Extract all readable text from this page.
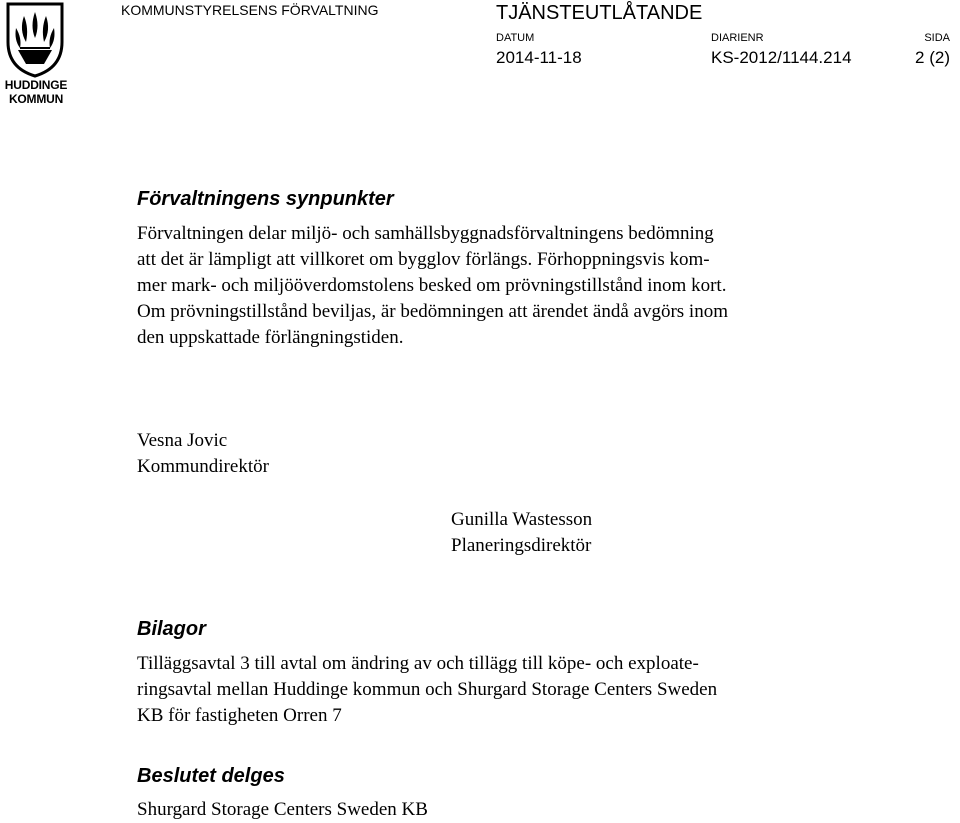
HUDDINGE
KOMMUN
KOMMUNSTYRELSENS FÖRVALTNING	TJÄNSTEUTLÅTANDE
DATUM	DIARIENR	SIDA
2014-11-18	KS-2012/1144.214	2 (2)
Förvaltningens synpunkter
Förvaltningen delar miljö- och samhällsbyggnadsförvaltningens bedömning
att det är lämpligt att villkoret om bygglov förlängs. Förhoppningsvis kom-
mer mark- och miljööverdomstolens besked om prövningstillstånd inom kort.
Om prövningstillstånd beviljas, är bedömningen att ärendet ändå avgörs inom
den uppskattade förlängningstiden.
Vesna Jovic
Kommundirektör
Gunilla Wastesson
Planeringsdirektör
Bilagor
Tilläggsavtal 3 till avtal om ändring av och tillägg till köpe- och exploate-
ringsavtal mellan Huddinge kommun och Shurgard Storage Centers Sweden
KB för fastigheten Orren 7
Beslutet delges
Shurgard Storage Centers Sweden KB
